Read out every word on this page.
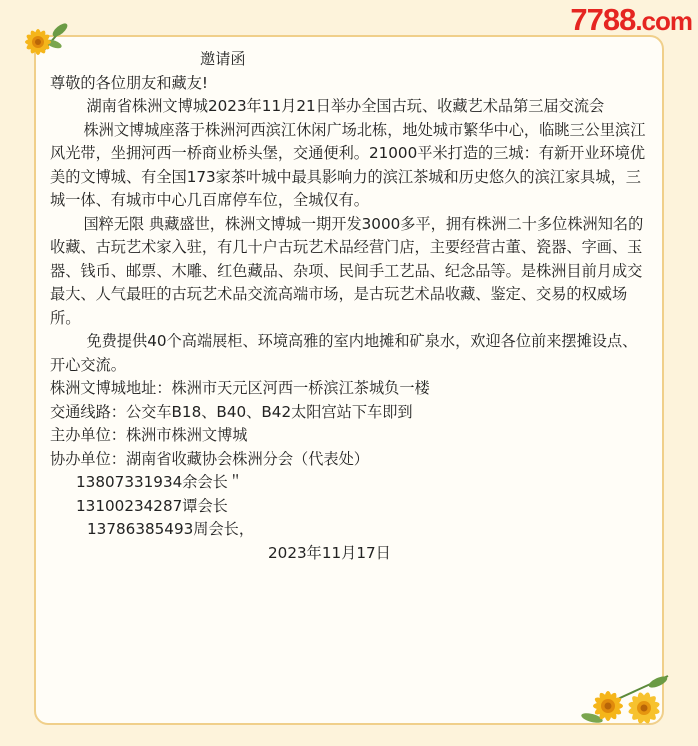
7788.com
邀请函
尊敬的各位朋友和藏友!
湖南省株洲文博城2023年11月21日举办全国古玩、收藏艺术品第三届交流会
株洲文博城座落于株洲河西滨江休闲广场北栋，地处城市繁华中心，临眺三公里滨江风光带，坐拥河西一桥商业桥头堡，交通便利。21000平米打造的三城：有新开业环境优美的文博城、有全国173家茶叶城中最具影响力的滨江茶城和历史悠久的滨江家具城，三城一体、有城市中心几百席停车位，全城仅有。
国粹无限 典藏盛世，株洲文博城一期开发3000多平，拥有株洲二十多位株洲知名的收藏、古玩艺术家入驻，有几十户古玩艺术品经营门店，主要经营古董、瓷器、字画、玉器、钱币、邮票、木雕、红色藏品、杂项、民间手工艺品、纪念品等。是株洲目前月成交最大、人气最旺的古玩艺术品交流高端市场，是古玩艺术品收藏、鉴定、交易的权威场所。
免费提供40个高端展柜、环境高雅的室内地摊和矿泉水，欢迎各位前来摆摊设点、开心交流。
株洲文博城地址：株洲市天元区河西一桥滨江茶城负一楼
交通线路：公交车B18、B40、B42太阳宫站下车即到
主办单位：株洲市株洲文博城
协办单位：湖南省收藏协会株洲分会（代表处）
13807331934余会长＂
13100234287谭会长
13786385493周会长，
2023年11月17日
